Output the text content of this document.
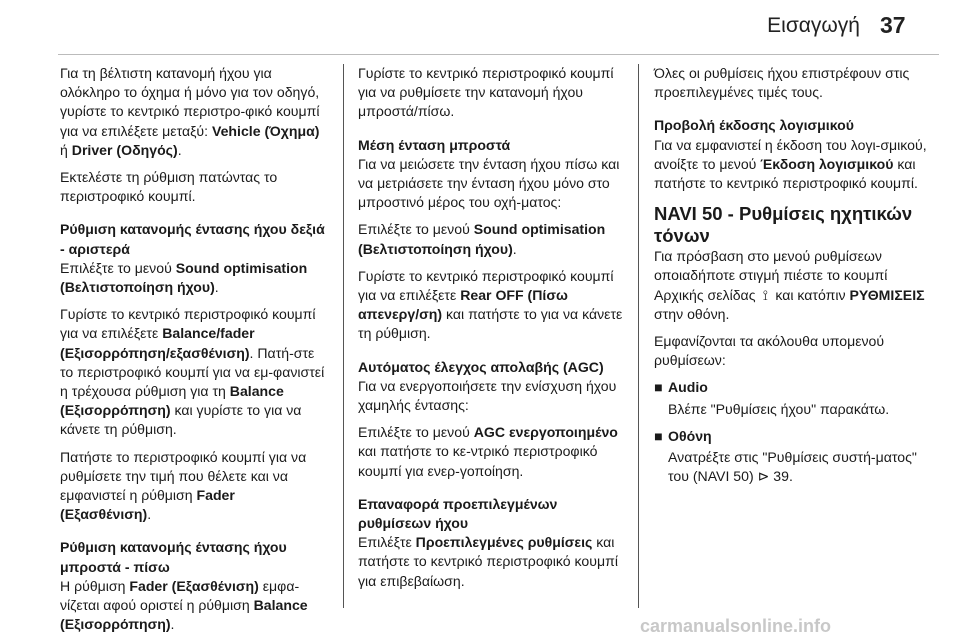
Εισαγωγή 37

Για τη βέλτιστη κατανομή ήχου για ολόκληρο το όχημα ή μόνο για τον οδηγό, γυρίστε το κεντρικό περιστρο-φικό κουμπί για να επιλέξετε μεταξύ: Vehicle (Όχημα) ή Driver (Οδηγός).

Εκτελέστε τη ρύθμιση πατώντας το περιστροφικό κουμπί.

Ρύθμιση κατανομής έντασης ήχου δεξιά - αριστερά

Επιλέξτε το μενού Sound optimisation (Βελτιστοποίηση ήχου).

Γυρίστε το κεντρικό περιστροφικό κουμπί για να επιλέξετε Balance/fader (Εξισορρόπηση/εξασθένιση). Πατή-στε το περιστροφικό κουμπί για να εμ-φανιστεί η τρέχουσα ρύθμιση για τη Balance (Εξισορρόπηση) και γυρίστε το για να κάνετε τη ρύθμιση.

Πατήστε το περιστροφικό κουμπί για να ρυθμίσετε την τιμή που θέλετε και να εμφανιστεί η ρύθμιση Fader (Εξασθένιση).

Ρύθμιση κατανομής έντασης ήχου μπροστά - πίσω

Η ρύθμιση Fader (Εξασθένιση) εμφα-νίζεται αφού οριστεί η ρύθμιση Balance (Εξισορρόπηση).

Γυρίστε το κεντρικό περιστροφικό κουμπί για να ρυθμίσετε την κατανομή ήχου μπροστά/πίσω.

Μέση ένταση μπροστά

Για να μειώσετε την ένταση ήχου πίσω και να μετριάσετε την ένταση ήχου μόνο στο μπροστινό μέρος του οχή-ματος:

Επιλέξτε το μενού Sound optimisation (Βελτιστοποίηση ήχου).

Γυρίστε το κεντρικό περιστροφικό κουμπί για να επιλέξετε Rear OFF (Πίσω απενεργ/ση) και πατήστε το για να κάνετε τη ρύθμιση.

Αυτόματος έλεγχος απολαβής (AGC)

Για να ενεργοποιήσετε την ενίσχυση ήχου χαμηλής έντασης:

Επιλέξτε το μενού AGC ενεργοποιημένο και πατήστε το κε-ντρικό περιστροφικό κουμπί για ενερ-γοποίηση.

Επαναφορά προεπιλεγμένων ρυθμίσεων ήχου

Επιλέξτε Προεπιλεγμένες ρυθμίσεις και πατήστε το κεντρικό περιστροφικό κουμπί για επιβεβαίωση.

Όλες οι ρυθμίσεις ήχου επιστρέφουν στις προεπιλεγμένες τιμές τους.

Προβολή έκδοσης λογισμικού

Για να εμφανιστεί η έκδοση του λογι-σμικού, ανοίξτε το μενού Έκδοση λογισμικού και πατήστε το κεντρικό περιστροφικό κουμπί.

NAVI 50 - Ρυθμίσεις ηχητικών τόνων

Για πρόσβαση στο μενού ρυθμίσεων οποιαδήποτε στιγμή πιέστε το κουμπί Αρχικής σελίδας ⟟ και κατόπιν ΡΥΘΜΙΣΕΙΣ στην οθόνη.

Εμφανίζονται τα ακόλουθα υπομενού ρυθμίσεων:

■ Audio

Βλέπε "Ρυθμίσεις ήχου" παρακάτω.

■ Οθόνη

Ανατρέξτε στις "Ρυθμίσεις συστή-ματος" του (NAVI 50) ⊳ 39.

carmanualsonline.info
